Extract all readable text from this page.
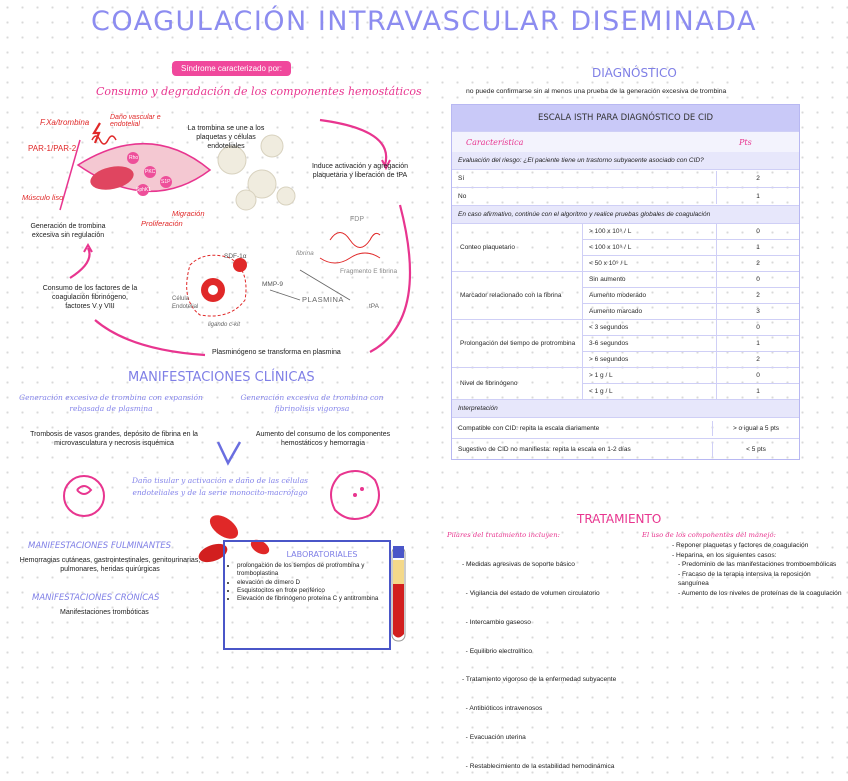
COAGULACIÓN INTRAVASCULAR DISEMINADA
Síndrome caracterizado por:
Consumo y degradación de los componentes hemostáticos
F.Xa/trombina
Daño vascular e endotelial
PAR-1/PAR-2
Músculo liso
Rho
PKC
SphK1
S1P
Migración
Proliferación
La trombina se une a los plaquetas y células endoteliales
Induce activación y agregación plaquetaria y liberación de tPA
Generación de trombina excesiva sin regulación
Consumo de los factores de la coagulación fibrinógeno, factores V y VIII
FDP
fibrina
Fragmento E fibrina
SDF-1α
MMP-9
PLASMINA
tPA
Célula Endotelial
ligando c-kit
Plasminógeno se transforma en plasmina
MANIFESTACIONES CLÍNICAS
Generación excesiva de trombina con expansión rebasada de plasmina
Generación excesiva de trombina con fibrinolisis vigorosa
Trombosis de vasos grandes, depósito de fibrina en la microvasculatura y necrosis isquémica
Aumento del consumo de los componentes hemostáticos y hemorragia
Daño tisular y activación e daño de las células endoteliales y de la serie monocito-macrófago
MANIFESTACIONES FULMINANTES
Hemorragias cutáneas, gastrointestinales, genitourinarias, pulmonares, heridas quirúrgicas
MANIFESTACIONES CRÓNICAS
Manifestaciones trombóticas
LABORATORIALES
• prolongación de los tiempos de protrombina y tromboplastina
• elevación de dímero D
• Esquistocitos en frote periférico
• Elevación de fibrinógeno proteína C y antitrombina
DIAGNÓSTICO
no puede confirmarse sin al menos una prueba de la generación excesiva de trombina
ESCALA ISTH PARA DIAGNÓSTICO DE CID
Característica	Pts
Evaluación del riesgo: ¿El paciente tiene un trastorno subyacente asociado con CID?
Sí	2
No	1
En caso afirmativo, continúe con el algoritmo y realice pruebas globales de coagulación
Conteo plaquetario
> 100 x 10⁹ / L	0
< 100 x 10⁹ / L	1
< 50 x 10⁹ / L	2
Marcador relacionado con la fibrina
Sin aumento	0
Aumento moderado	2
Aumento marcado	3
Prolongación del tiempo de protrombina
< 3 segundos	0
3-6 segundos	1
> 6 segundos	2
Nivel de fibrinógeno
> 1 g / L	0
< 1 g / L	1
Interpretación
Compatible con CID: repita la escala diariamente	> o igual a 5 pts
Sugestivo de CID no manifiesta: repita la escala en 1-2 días	< 5 pts
TRATAMIENTO
Pilares del tratamiento incluyen:	El uso de los componentes del manejo:

- Medidas agresivas de soporte básico

- Vigilancia del estado de volumen circulatorio

- Intercambio gaseoso

- Equilibrio electrolítico

- Tratamiento vigoroso de la enfermedad subyacente

- Antibióticos intravenosos

- Evacuación uterina

- Restablecimiento de la estabilidad hemodinámica

- Reponer plaquetas y factores de coagulación
- Heparina, en los siguientes casos:
- Predominio de las manifestaciones tromboembólicas
- Fracaso de la terapia intensiva la reposición sanguínea
- Aumento de los niveles de proteínas de la coagulación
